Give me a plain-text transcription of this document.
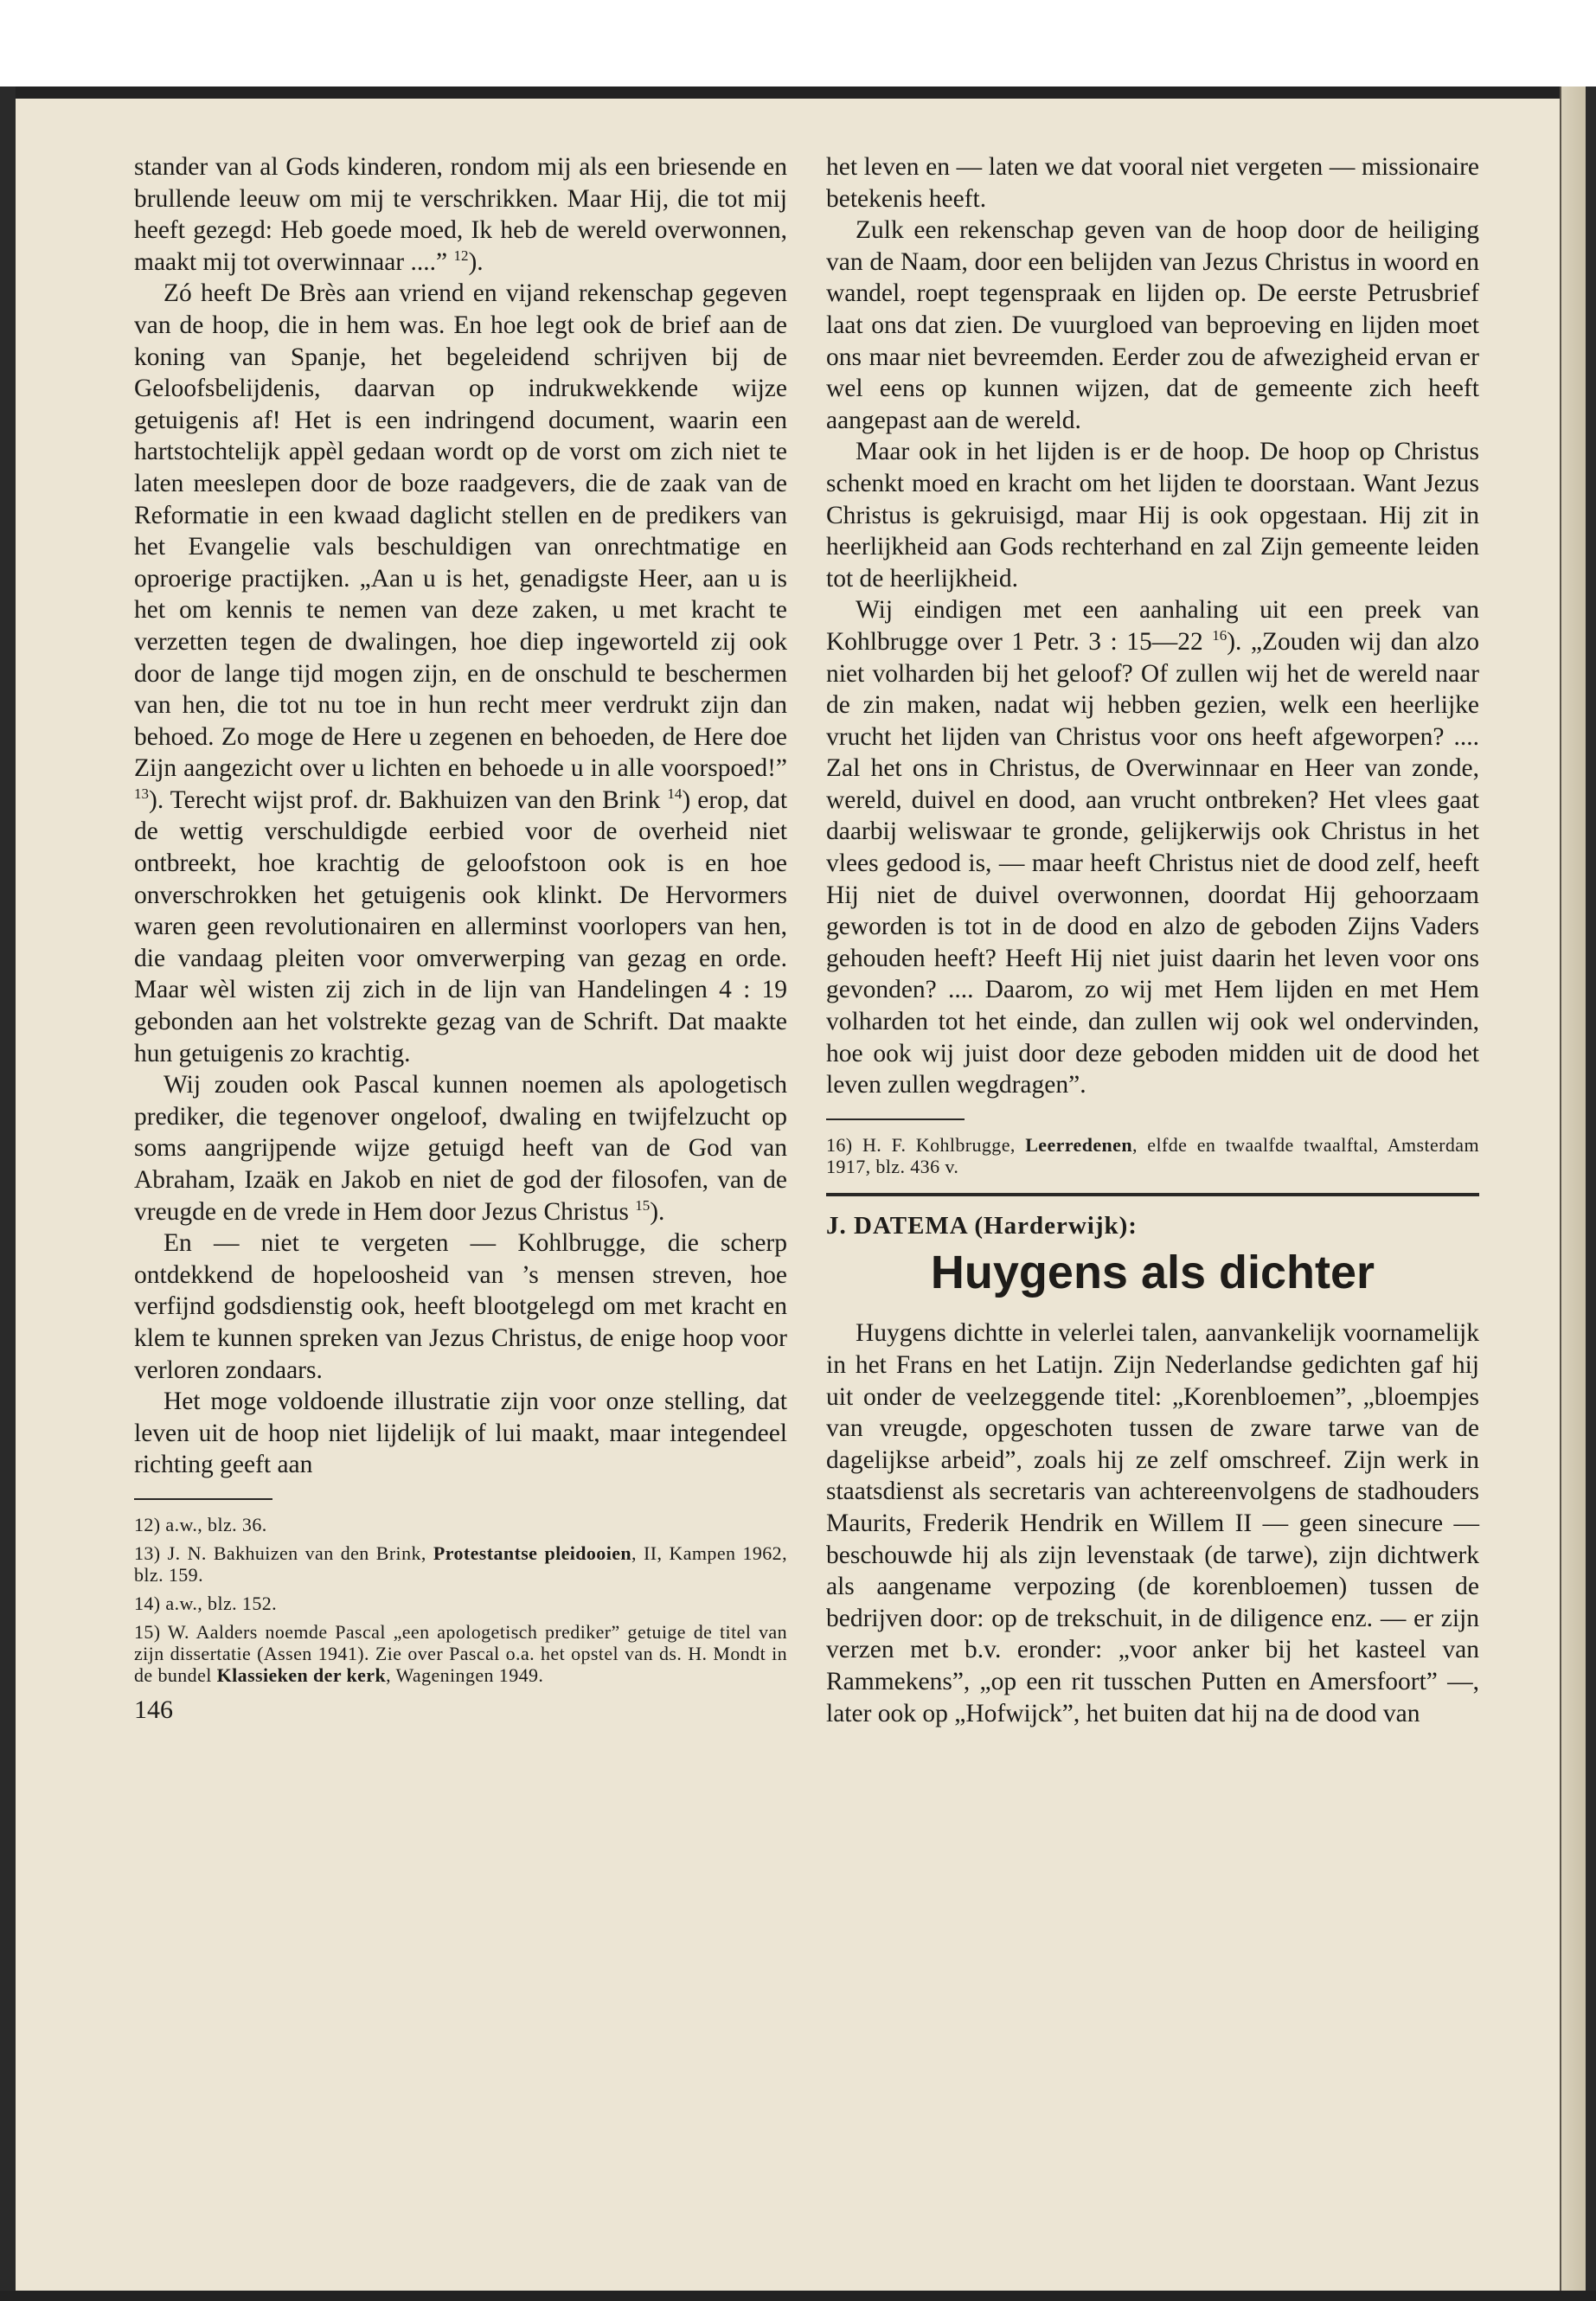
stander van al Gods kinderen, rondom mij als een briesende en brullende leeuw om mij te verschrikken. Maar Hij, die tot mij heeft gezegd: Heb goede moed, Ik heb de wereld overwonnen, maakt mij tot overwinnaar ....” $^{12}$).

Zó heeft De Brès aan vriend en vijand rekenschap gegeven van de hoop, die in hem was. En hoe legt ook de brief aan de koning van Spanje, het begeleidend schrijven bij de Geloofsbelijdenis, daarvan op indrukwekkende wijze getuigenis af! Het is een indringend document, waarin een hartstochtelijk appèl gedaan wordt op de vorst om zich niet te laten meeslepen door de boze raadgevers, die de zaak van de Reformatie in een kwaad daglicht stellen en de predikers van het Evangelie vals beschuldigen van onrechtmatige en oproerige practijken. „Aan u is het, genadigste Heer, aan u is het om kennis te nemen van deze zaken, u met kracht te verzetten tegen de dwalingen, hoe diep ingeworteld zij ook door de lange tijd mogen zijn, en de onschuld te beschermen van hen, die tot nu toe in hun recht meer verdrukt zijn dan behoed. Zo moge de Here u zegenen en behoeden, de Here doe Zijn aangezicht over u lichten en behoede u in alle voorspoed!” $^{13}$). Terecht wijst prof. dr. Bakhuizen van den Brink $^{14}$) erop, dat de wettig verschuldigde eerbied voor de overheid niet ontbreekt, hoe krachtig de geloofstoon ook is en hoe onverschrokken het getuigenis ook klinkt. De Hervormers waren geen revolutionairen en allerminst voorlopers van hen, die vandaag pleiten voor omverwerping van gezag en orde. Maar wèl wisten zij zich in de lijn van Handelingen 4 : 19 gebonden aan het volstrekte gezag van de Schrift. Dat maakte hun getuigenis zo krachtig.

Wij zouden ook Pascal kunnen noemen als apologetisch prediker, die tegenover ongeloof, dwaling en twijfelzucht op soms aangrijpende wijze getuigd heeft van de God van Abraham, Izaäk en Jakob en niet de god der filosofen, van de vreugde en de vrede in Hem door Jezus Christus $^{15}$).

En — niet te vergeten — Kohlbrugge, die scherp ontdekkend de hopeloosheid van ’s mensen streven, hoe verfijnd godsdienstig ook, heeft blootgelegd om met kracht en klem te kunnen spreken van Jezus Christus, de enige hoop voor verloren zondaars.

Het moge voldoende illustratie zijn voor onze stelling, dat leven uit de hoop niet lijdelijk of lui maakt, maar integendeel richting geeft aan

12) a.w., blz. 36.

13) J. N. Bakhuizen van den Brink, Protestantse pleidooien, II, Kampen 1962, blz. 159.

14) a.w., blz. 152.

15) W. Aalders noemde Pascal „een apologetisch prediker” getuige de titel van zijn dissertatie (Assen 1941). Zie over Pascal o.a. het opstel van ds. H. Mondt in de bundel Klassieken der kerk, Wageningen 1949.

146

het leven en — laten we dat vooral niet vergeten — missionaire betekenis heeft.

Zulk een rekenschap geven van de hoop door de heiliging van de Naam, door een belijden van Jezus Christus in woord en wandel, roept tegenspraak en lijden op. De eerste Petrusbrief laat ons dat zien. De vuurgloed van beproeving en lijden moet ons maar niet bevreemden. Eerder zou de afwezigheid ervan er wel eens op kunnen wijzen, dat de gemeente zich heeft aangepast aan de wereld.

Maar ook in het lijden is er de hoop. De hoop op Christus schenkt moed en kracht om het lijden te doorstaan. Want Jezus Christus is gekruisigd, maar Hij is ook opgestaan. Hij zit in heerlijkheid aan Gods rechterhand en zal Zijn gemeente leiden tot de heerlijkheid.

Wij eindigen met een aanhaling uit een preek van Kohlbrugge over 1 Petr. 3 : 15—22 $^{16}$). „Zouden wij dan alzo niet volharden bij het geloof? Of zullen wij het de wereld naar de zin maken, nadat wij hebben gezien, welk een heerlijke vrucht het lijden van Christus voor ons heeft afgeworpen? .... Zal het ons in Christus, de Overwinnaar en Heer van zonde, wereld, duivel en dood, aan vrucht ontbreken? Het vlees gaat daarbij weliswaar te gronde, gelijkerwijs ook Christus in het vlees gedood is, — maar heeft Christus niet de dood zelf, heeft Hij niet de duivel overwonnen, doordat Hij gehoorzaam geworden is tot in de dood en alzo de geboden Zijns Vaders gehouden heeft? Heeft Hij niet juist daarin het leven voor ons gevonden? .... Daarom, zo wij met Hem lijden en met Hem volharden tot het einde, dan zullen wij ook wel ondervinden, hoe ook wij juist door deze geboden midden uit de dood het leven zullen wegdragen”.

16) H. F. Kohlbrugge, Leerredenen, elfde en twaalfde twaalftal, Amsterdam 1917, blz. 436 v.

J. DATEMA (Harderwijk):

Huygens als dichter

Huygens dichtte in velerlei talen, aanvankelijk voornamelijk in het Frans en het Latijn. Zijn Nederlandse gedichten gaf hij uit onder de veelzeggende titel: „Korenbloemen”, „bloempjes van vreugde, opgeschoten tussen de zware tarwe van de dagelijkse arbeid”, zoals hij ze zelf omschreef. Zijn werk in staatsdienst als secretaris van achtereenvolgens de stadhouders Maurits, Frederik Hendrik en Willem II — geen sinecure — beschouwde hij als zijn levenstaak (de tarwe), zijn dichtwerk als aangename verpozing (de korenbloemen) tussen de bedrijven door: op de trekschuit, in de diligence enz. — er zijn verzen met b.v. eronder: „voor anker bij het kasteel van Rammekens”, „op een rit tusschen Putten en Amersfoort” —, later ook op „Hofwijck”, het buiten dat hij na de dood van
